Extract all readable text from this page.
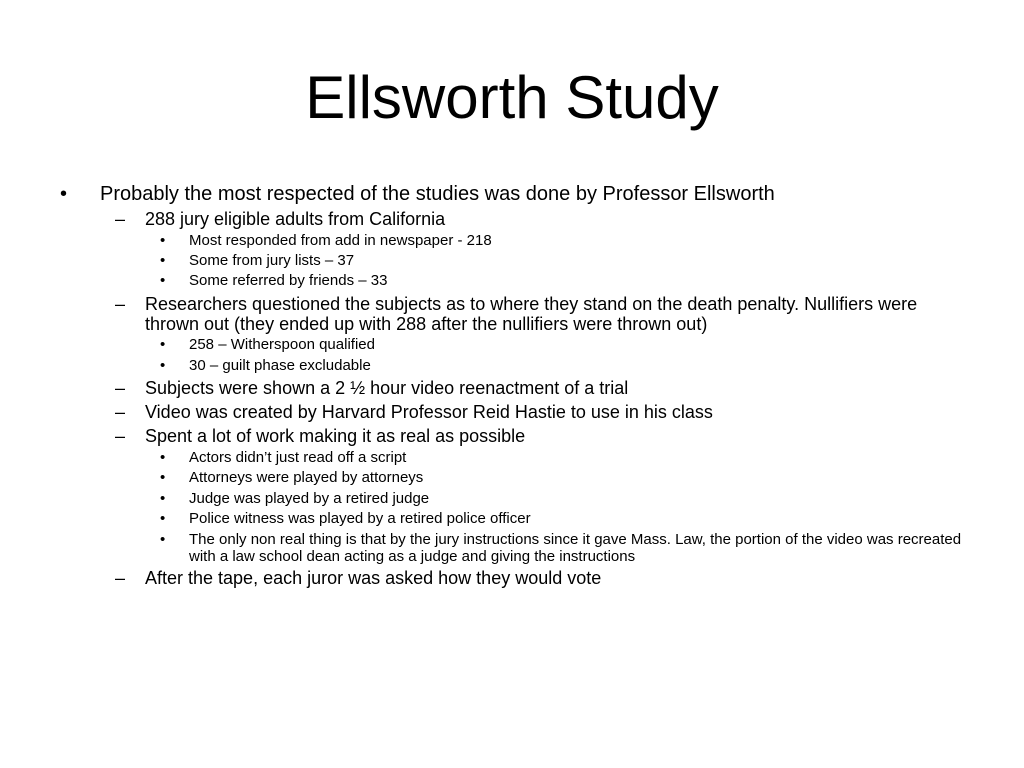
Ellsworth Study
•	Probably the most respected of the studies was done by Professor Ellsworth
–	288 jury eligible adults from California
•	Most responded from add in newspaper - 218
•	Some from jury lists – 37
•	Some referred by friends – 33
–	Researchers questioned the subjects as to where they stand on the death penalty. Nullifiers were thrown out (they ended up with 288 after the nullifiers were thrown out)
•	258 – Witherspoon qualified
•	30 – guilt phase excludable
–	Subjects were shown a 2 ½ hour video reenactment of a trial
–	Video was created by Harvard Professor Reid Hastie to use in his class
–	Spent a lot of work making it as real as possible
•	Actors didn’t just read off a script
•	Attorneys were played by attorneys
•	Judge was played by a retired judge
•	Police witness was played by a retired police officer
•	The only non real thing is that by the jury instructions since it gave Mass. Law, the portion of the video was recreated with a law school dean acting as a judge and giving the instructions
–	After the tape, each juror was asked how they would vote
